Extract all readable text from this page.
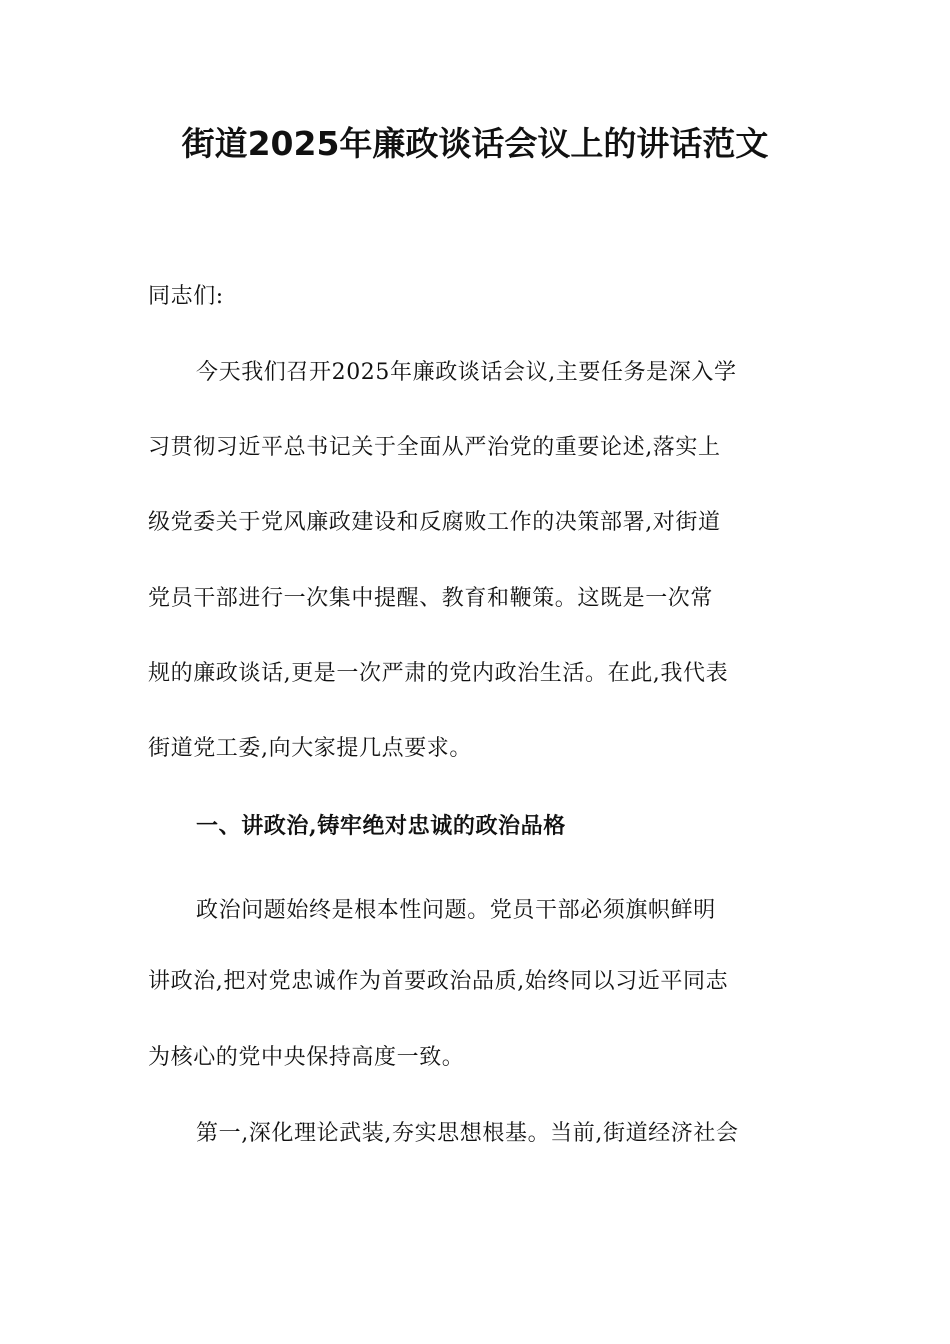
街道2025年廉政谈话会议上的讲话范文
同志们:
今天我们召开2025年廉政谈话会议,主要任务是深入学
习贯彻习近平总书记关于全面从严治党的重要论述,落实上
级党委关于党风廉政建设和反腐败工作的决策部署,对街道
党员干部进行一次集中提醒、教育和鞭策。这既是一次常
规的廉政谈话,更是一次严肃的党内政治生活。在此,我代表
街道党工委,向大家提几点要求。
一、讲政治,铸牢绝对忠诚的政治品格
政治问题始终是根本性问题。党员干部必须旗帜鲜明
讲政治,把对党忠诚作为首要政治品质,始终同以习近平同志
为核心的党中央保持高度一致。
第一,深化理论武装,夯实思想根基。当前,街道经济社会
